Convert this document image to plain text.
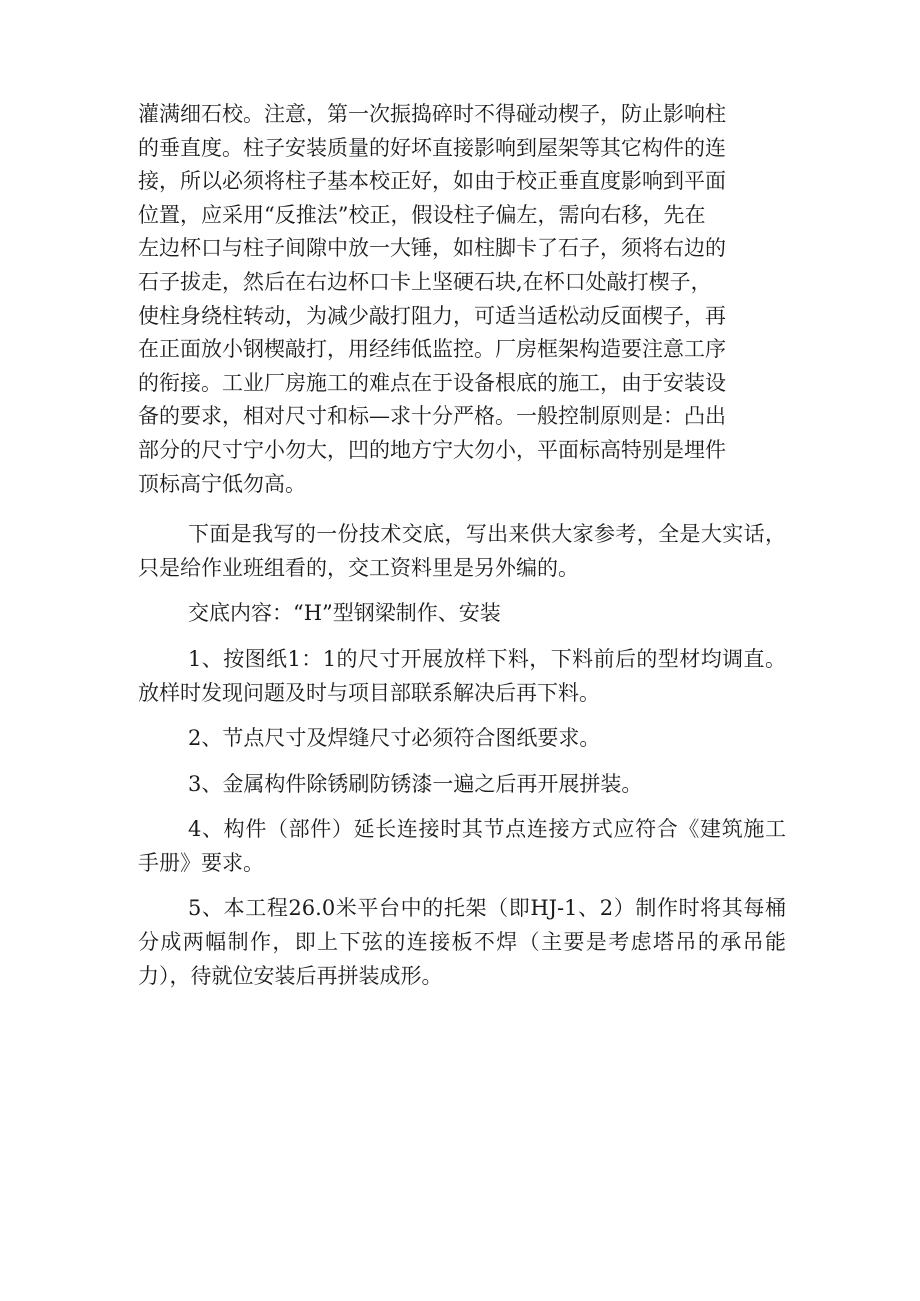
灌满细石校。注意，第一次振捣碎时不得碰动楔子，防止影响柱
的垂直度。柱子安装质量的好坏直接影响到屋架等其它构件的连
接，所以必须将柱子基本校正好，如由于校正垂直度影响到平面
位置，应采用“反推法”校正，假设柱子偏左，需向右移，先在
左边杯口与柱子间隙中放一大锤，如柱脚卡了石子，须将右边的
石子拔走，然后在右边杯口卡上坚硬石块,在杯口处敲打楔子，
使柱身绕柱转动，为减少敲打阻力，可适当适松动反面楔子，再
在正面放小钢楔敲打，用经纬低监控。厂房框架构造要注意工序
的衔接。工业厂房施工的难点在于设备根底的施工，由于安装设
备的要求，相对尺寸和标—求十分严格。一般控制原则是：凸出
部分的尺寸宁小勿大，凹的地方宁大勿小，平面标高特别是埋件
顶标高宁低勿高。

下面是我写的一份技术交底，写出来供大家参考，全是大实话，只是给作业班组看的，交工资料里是另外编的。

交底内容：“H”型钢梁制作、安装

1、按图纸1：1的尺寸开展放样下料，下料前后的型材均调直。放样时发现问题及时与项目部联系解决后再下料。

2、节点尺寸及焊缝尺寸必须符合图纸要求。

3、金属构件除锈刷防锈漆一遍之后再开展拼装。

4、构件（部件）延长连接时其节点连接方式应符合《建筑施工手册》要求。

5、本工程26.0米平台中的托架（即HJ-1、2）制作时将其每桶分成两幅制作，即上下弦的连接板不焊（主要是考虑塔吊的承吊能力），待就位安装后再拼装成形。
